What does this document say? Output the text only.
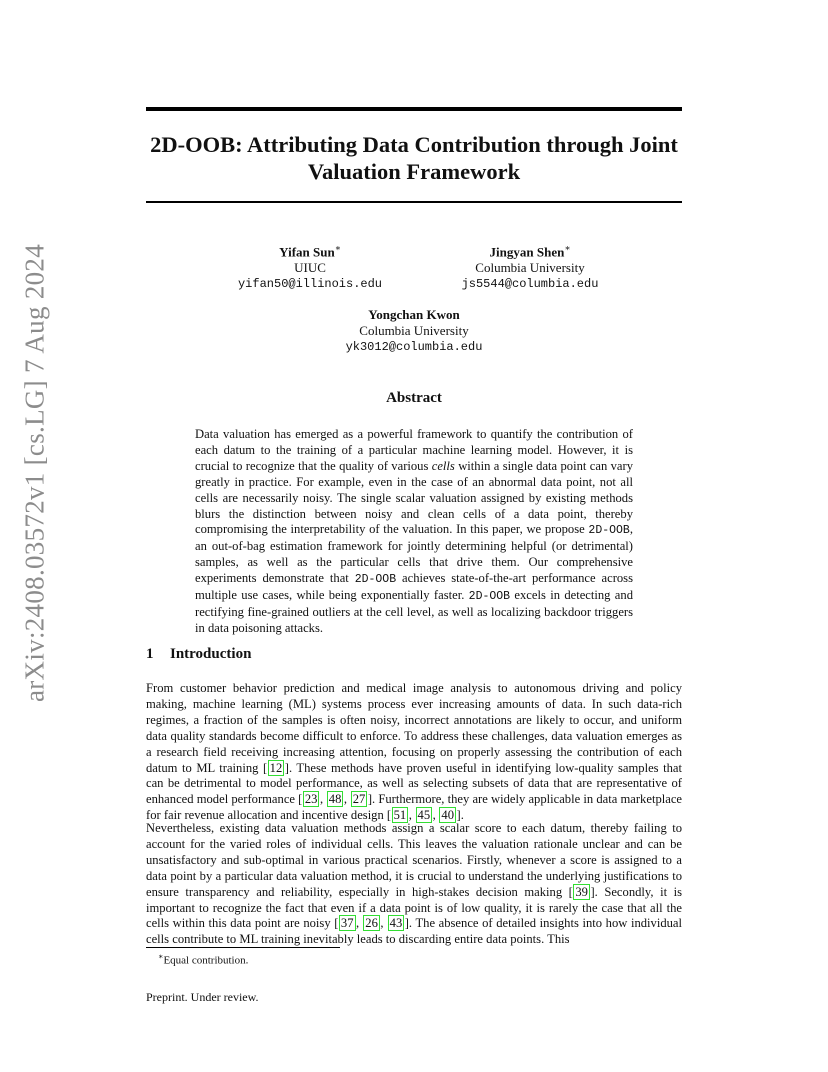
arXiv:2408.03572v1 [cs.LG] 7 Aug 2024
2D-OOB: Attributing Data Contribution through Joint Valuation Framework
Yifan Sun∗
UIUC
yifan50@illinois.edu
Jingyan Shen∗
Columbia University
js5544@columbia.edu
Yongchan Kwon
Columbia University
yk3012@columbia.edu
Abstract
Data valuation has emerged as a powerful framework to quantify the contribution of each datum to the training of a particular machine learning model. However, it is crucial to recognize that the quality of various cells within a single data point can vary greatly in practice. For example, even in the case of an abnormal data point, not all cells are necessarily noisy. The single scalar valuation assigned by existing methods blurs the distinction between noisy and clean cells of a data point, thereby compromising the interpretability of the valuation. In this paper, we propose 2D-OOB, an out-of-bag estimation framework for jointly determining helpful (or detrimental) samples, as well as the particular cells that drive them. Our comprehensive experiments demonstrate that 2D-OOB achieves state-of-the-art performance across multiple use cases, while being exponentially faster. 2D-OOB excels in detecting and rectifying fine-grained outliers at the cell level, as well as localizing backdoor triggers in data poisoning attacks.
1 Introduction
From customer behavior prediction and medical image analysis to autonomous driving and policy making, machine learning (ML) systems process ever increasing amounts of data. In such data-rich regimes, a fraction of the samples is often noisy, incorrect annotations are likely to occur, and uniform data quality standards become difficult to enforce. To address these challenges, data valuation emerges as a research field receiving increasing attention, focusing on properly assessing the contribution of each datum to ML training [ 12 ]. These methods have proven useful in identifying low-quality samples that can be detrimental to model performance, as well as selecting subsets of data that are representative of enhanced model performance [ 23 , 48 , 27 ]. Furthermore, they are widely applicable in data marketplace for fair revenue allocation and incentive design [ 51 , 45 , 40 ].
Nevertheless, existing data valuation methods assign a scalar score to each datum, thereby failing to account for the varied roles of individual cells. This leaves the valuation rationale unclear and can be unsatisfactory and sub-optimal in various practical scenarios. Firstly, whenever a score is assigned to a data point by a particular data valuation method, it is crucial to understand the underlying justifications to ensure transparency and reliability, especially in high-stakes decision making [ 39 ]. Secondly, it is important to recognize the fact that even if a data point is of low quality, it is rarely the case that all the cells within this data point are noisy [ 37 , 26 , 43 ]. The absence of detailed insights into how individual cells contribute to ML training inevitably leads to discarding entire data points. This
∗Equal contribution.
Preprint. Under review.
